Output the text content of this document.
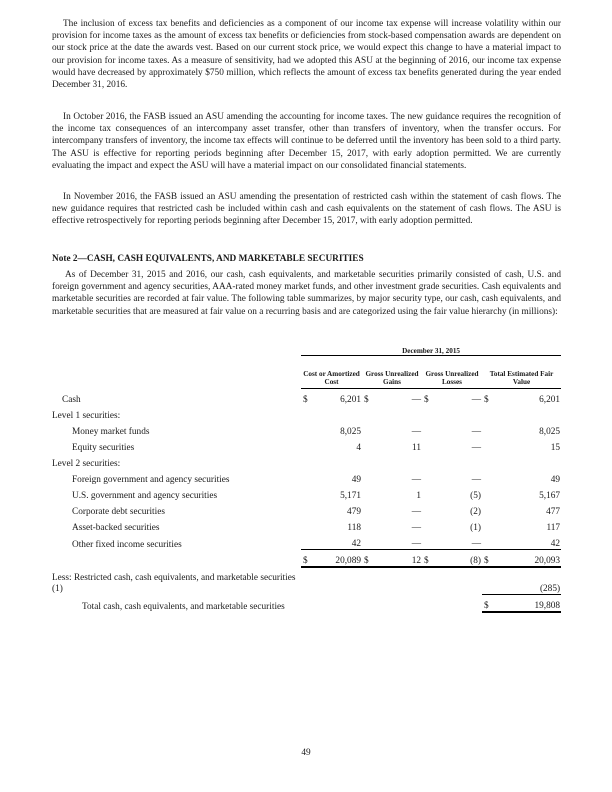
The inclusion of excess tax benefits and deficiencies as a component of our income tax expense will increase volatility within our provision for income taxes as the amount of excess tax benefits or deficiencies from stock-based compensation awards are dependent on our stock price at the date the awards vest. Based on our current stock price, we would expect this change to have a material impact to our provision for income taxes. As a measure of sensitivity, had we adopted this ASU at the beginning of 2016, our income tax expense would have decreased by approximately $750 million, which reflects the amount of excess tax benefits generated during the year ended December 31, 2016.

In October 2016, the FASB issued an ASU amending the accounting for income taxes. The new guidance requires the recognition of the income tax consequences of an intercompany asset transfer, other than transfers of inventory, when the transfer occurs. For intercompany transfers of inventory, the income tax effects will continue to be deferred until the inventory has been sold to a third party. The ASU is effective for reporting periods beginning after December 15, 2017, with early adoption permitted. We are currently evaluating the impact and expect the ASU will have a material impact on our consolidated financial statements.

In November 2016, the FASB issued an ASU amending the presentation of restricted cash within the statement of cash flows. The new guidance requires that restricted cash be included within cash and cash equivalents on the statement of cash flows. The ASU is effective retrospectively for reporting periods beginning after December 15, 2017, with early adoption permitted.

Note 2—CASH, CASH EQUIVALENTS, AND MARKETABLE SECURITIES

As of December 31, 2015 and 2016, our cash, cash equivalents, and marketable securities primarily consisted of cash, U.S. and foreign government and agency securities, AAA-rated money market funds, and other investment grade securities. Cash equivalents and marketable securities are recorded at fair value. The following table summarizes, by major security type, our cash, cash equivalents, and marketable securities that are measured at fair value on a recurring basis and are categorized using the fair value hierarchy (in millions):

	December 31, 2015							
	Cost or Amortized Cost		Gross Unrealized Gains		Gross Unrealized Losses		Total Estimated Fair Value	
Cash	$	6,201	$	—	$	—	$	6,201
Level 1 securities:								
Money market funds		8,025		—		—		8,025
Equity securities		4		11		—		15
Level 2 securities:								
Foreign government and agency securities		49		—		—		49
U.S. government and agency securities		5,171		1		(5)		5,167
Corporate debt securities		479		—		(2)		477
Asset-backed securities		118		—		(1)		117
Other fixed income securities		42		—		—		42
	$	20,089	$	12	$	(8)	$	20,093
Less: Restricted cash, cash equivalents, and marketable securities (1)								(285)
Total cash, cash equivalents, and marketable securities							$	19,808
49
